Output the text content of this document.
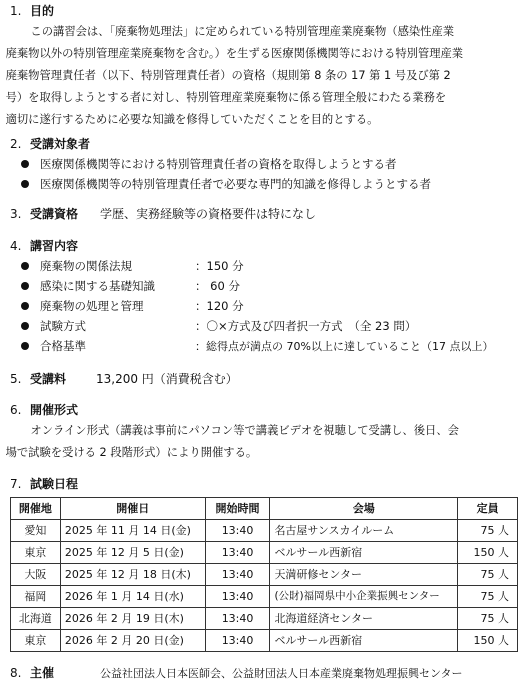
1. 目的

この講習会は、「廃棄物処理法」に定められている特別管理産業廃棄物（感染性産業
廃棄物以外の特別管理産業廃棄物を含む。）を生ずる医療関係機関等における特別管理産業
廃棄物管理責任者（以下、特別管理責任者）の資格（規則第 8 条の 17 第 1 号及び第 2
号）を取得しようとする者に対し、特別管理産業廃棄物に係る管理全般にわたる業務を
適切に遂行するために必要な知識を修得していただくことを目的とする。

2. 受講対象者

医療関係機関等における特別管理責任者の資格を取得しようとする者
医療関係機関等の特別管理責任者で必要な専門的知識を修得しようとする者

3. 受講資格 学歴、実務経験等の資格要件は特になし

4. 講習内容

廃棄物の関係法規	：150 分
感染に関する基礎知識	： 60 分
廃棄物の処理と管理	：120 分
試験方式	：〇×方式及び四者択一方式　（全 23 問）
合格基準	：総得点が満点の 70%以上に達していること（17 点以上）

5. 受講料 13,200 円（消費税含む）

6. 開催形式

オンライン形式（講義は事前にパソコン等で講義ビデオを視聴して受講し、後日、会
場で試験を受ける 2 段階形式）により開催する。

7. 試験日程

開催地	開催日	開始時間	会場	定員
愛知	2025 年 11 月 14 日(金)	13:40	名古屋サンスカイルーム	75 人
東京	2025 年 12 月 5 日(金)	13:40	ベルサール西新宿	150 人
大阪	2025 年 12 月 18 日(木)	13:40	天満研修センター	75 人
福岡	2026 年 1 月 14 日(水)	13:40	(公財)福岡県中小企業振興センター	75 人
北海道	2026 年 2 月 19 日(木)	13:40	北海道経済センター	75 人
東京	2026 年 2 月 20 日(金)	13:40	ベルサール西新宿	150 人

8. 主催	公益社団法人日本医師会、公益財団法人日本産業廃棄物処理振興センター
